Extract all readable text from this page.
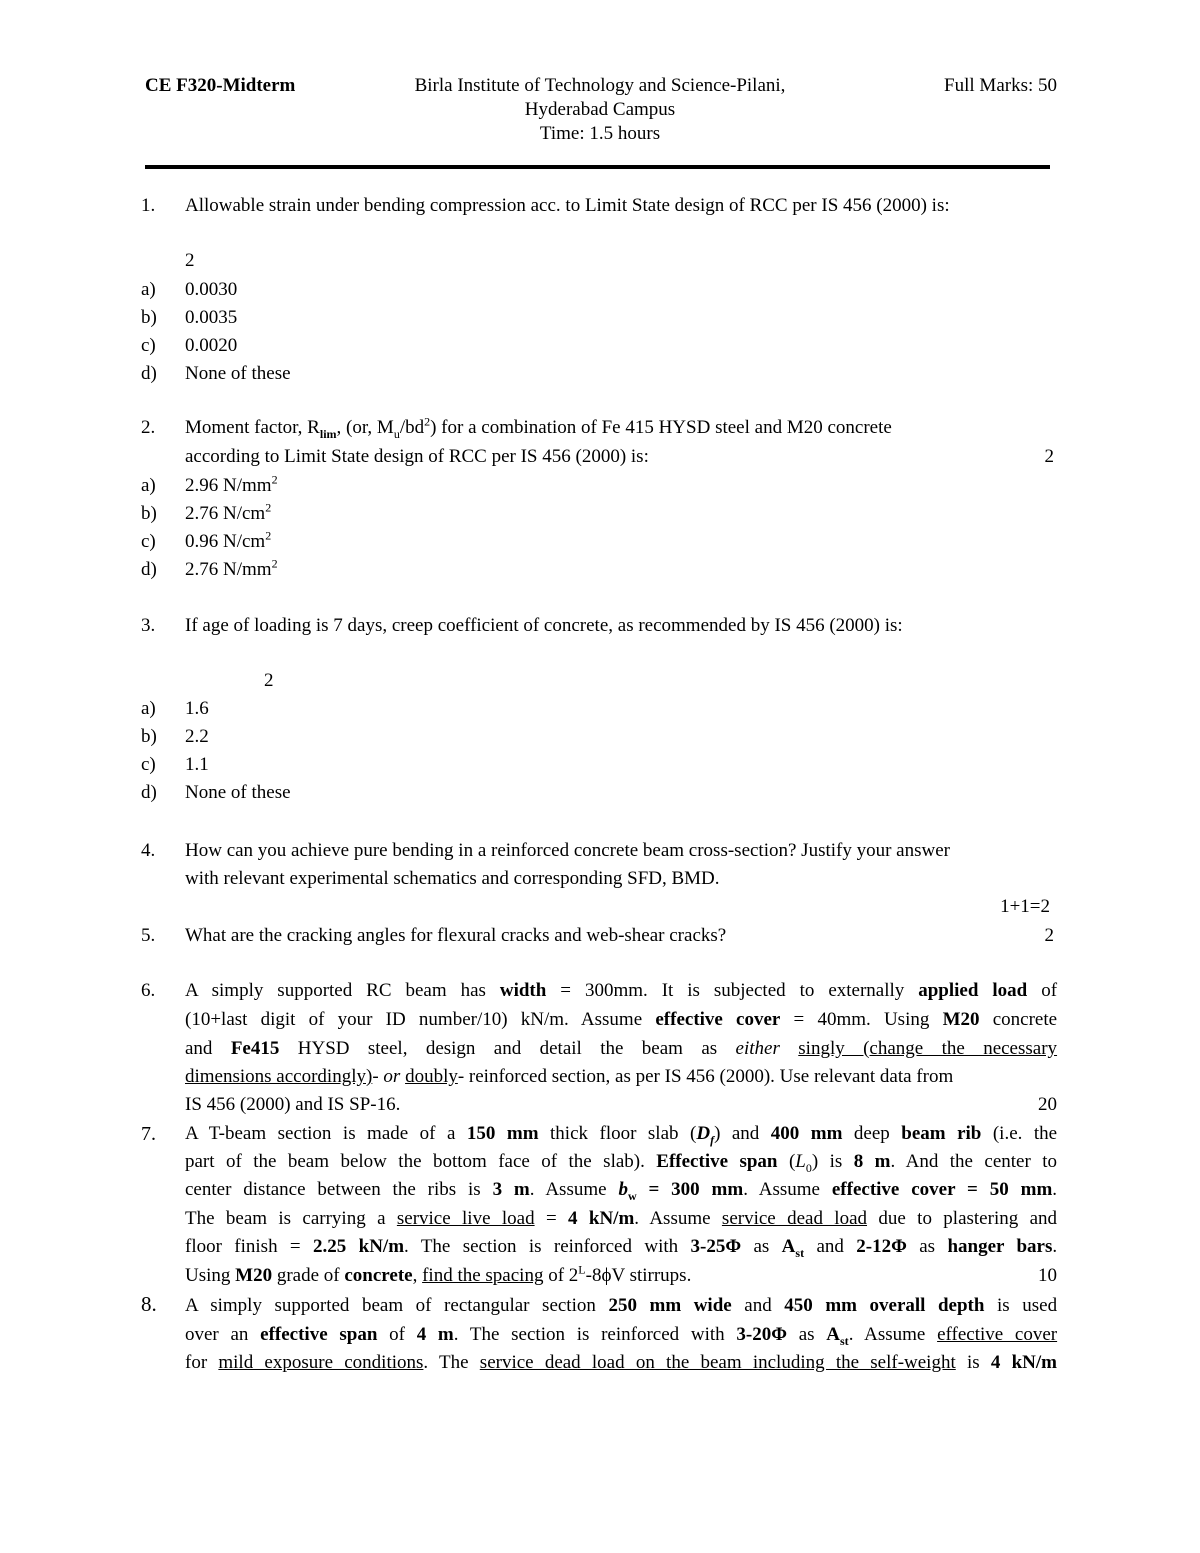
CE F320-Midterm	Birla Institute of Technology and Science-Pilani,
Hyderabad Campus
Time: 1.5 hours
Full Marks: 50
1. Allowable strain under bending compression acc. to Limit State design of RCC per IS 456 (2000) is:
2
a) 0.0030
b) 0.0035
c) 0.0020
d) None of these
2. Moment factor, $R_{lim}$, (or, $M_u/bd^2$) for a combination of Fe 415 HYSD steel and M20 concrete
according to Limit State design of RCC per IS 456 (2000) is:	2
a) 2.96 $N/mm^2$
b) 2.76 $N/cm^2$
c) 0.96 $N/cm^2$
d) 2.76 $N/mm^2$
3. If age of loading is 7 days, creep coefficient of concrete, as recommended by IS 456 (2000) is:
2
a) 1.6
b) 2.2
c) 1.1
d) None of these
4. How can you achieve pure bending in a reinforced concrete beam cross-section? Justify your answer
with relevant experimental schematics and corresponding SFD, BMD.
1+1=2
5. What are the cracking angles for flexural cracks and web-shear cracks?	2
6. A simply supported RC beam has width = 300mm. It is subjected to externally applied load of
(10+last digit of your ID number/10) kN/m. Assume effective cover = 40mm. Using M20 concrete
and Fe415 HYSD steel, design and detail the beam as either singly (change the necessary
dimensions accordingly)- or doubly- reinforced section, as per IS 456 (2000). Use relevant data from
IS 456 (2000) and IS SP-16.	20
7. A T-beam section is made of a 150 mm thick floor slab $(D_f)$ and 400 mm deep beam rib (i.e. the
part of the beam below the bottom face of the slab). Effective span $(L_0)$ is 8 m. And the center to
center distance between the ribs is 3 m. Assume $b_w = 300$ mm. Assume effective cover = 50 mm.
The beam is carrying a service live load = 4 kN/m. Assume service dead load due to plastering and
floor finish = 2.25 kN/m. The section is reinforced with 3-25Φ as $A_{st}$ and 2-12Φ as hanger bars.
Using M20 grade of concrete, find the spacing of $2^L-8\phi V$ stirrups.	10
8. A simply supported beam of rectangular section 250 mm wide and 450 mm overall depth is used
over an effective span of 4 m. The section is reinforced with 3-20Φ as $A_{st}$. Assume effective cover
for mild exposure conditions. The service dead load on the beam including the self-weight is 4 kN/m
